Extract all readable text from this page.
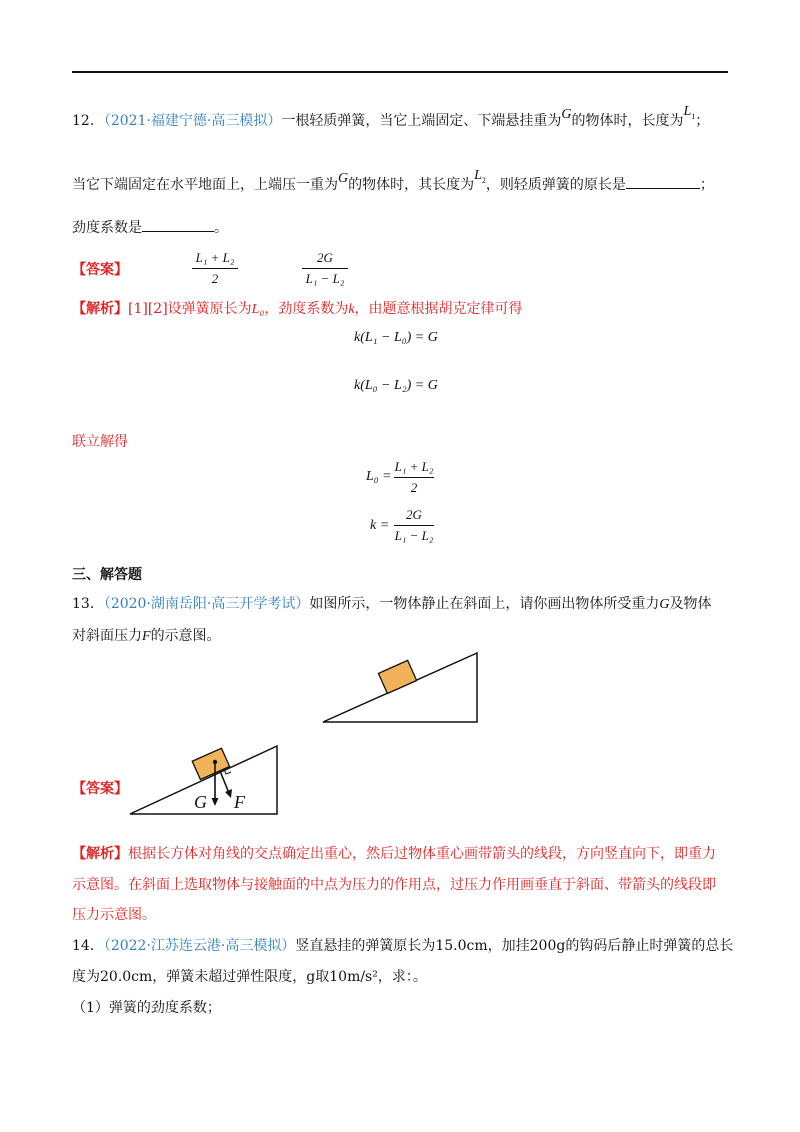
12．（2021·福建宁德·高三模拟）一根轻质弹簧，当它上端固定、下端悬挂重为G的物体时，长度为$L_1$；
当它下端固定在水平地面上，上端压一重为G的物体时，其长度为$L_2$，则轻质弹簧的原长是	；
劲度系数是	。
【答案】
L₁ + L₂
2
2G
L₁ − L₂
【解析】[1][2]设弹簧原长为L₀，劲度系数为k，由题意根据胡克定律可得
k(L₁ − L₀) = G
k(L₀ − L₂) = G
联立解得
L₀ =
L₁ + L₂
2
k =
2G
L₁ − L₂
三、解答题
13．（2020·湖南岳阳·高三开学考试）如图所示，一物体静止在斜面上，请你画出物体所受重力G及物体
对斜面压力F的示意图。
【答案】
G F
【解析】根据长方体对角线的交点确定出重心，然后过物体重心画带箭头的线段，方向竖直向下，即重力
示意图。在斜面上选取物体与接触面的中点为压力的作用点，过压力作用画垂直于斜面、带箭头的线段即
压力示意图。
14．（2022·江苏连云港·高三模拟）竖直悬挂的弹簧原长为15.0cm，加挂200g的钩码后静止时弹簧的总长
度为20.0cm，弹簧未超过弹性限度，g取10m/s²，求：。
（1）弹簧的劲度系数；
